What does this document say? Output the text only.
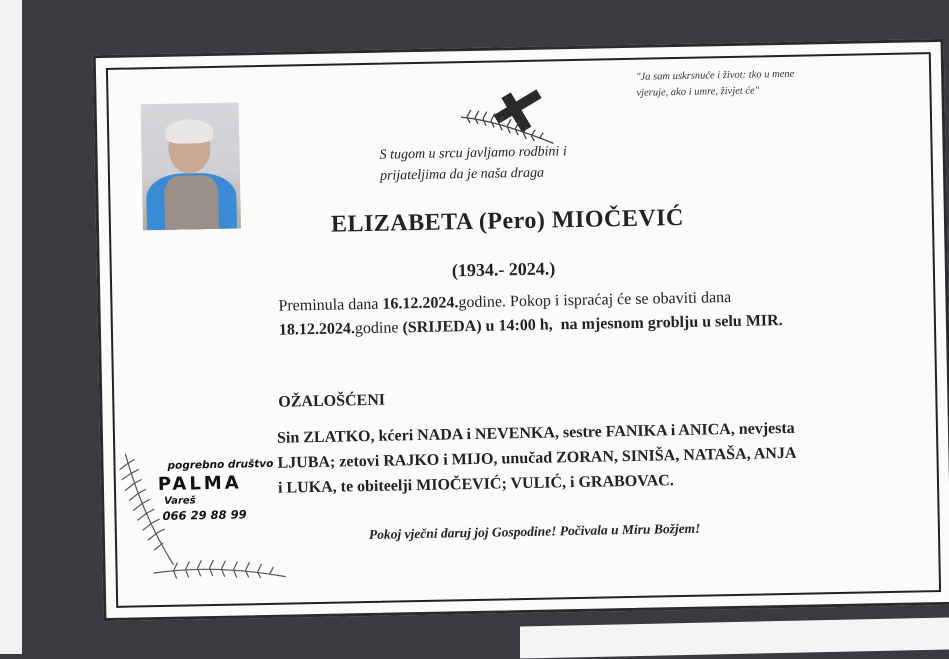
"Ja sam uskrsnuće i život: tko u mene
vjeruje, ako i umre, živjet će"
S tugom u srcu javljamo rodbini i
prijateljima da je naša draga
ELIZABETA (Pero) MIOČEVIĆ
(1934.- 2024.)
Preminula dana 16.12.2024.godine. Pokop i ispraćaj će se obaviti dana
18.12.2024.godine (SRIJEDA) u 14:00 h,  na mjesnom groblju u selu MIR.
OŽALOŠĆENI
Sin ZLATKO, kćeri NADA i NEVENKA, sestre FANIKA i ANICA, nevjesta
LJUBA; zetovi RAJKO i MIJO, unučad ZORAN, SINIŠA, NATAŠA, ANJA
i LUKA, te obiteelji MIOČEVIĆ; VULIĆ, i GRABOVAC.
Pokoj vječni daruj joj Gospodine! Počivala u Miru Božjem!
pogrebno društvo
PALMA
Vareš
066 29 88 99
